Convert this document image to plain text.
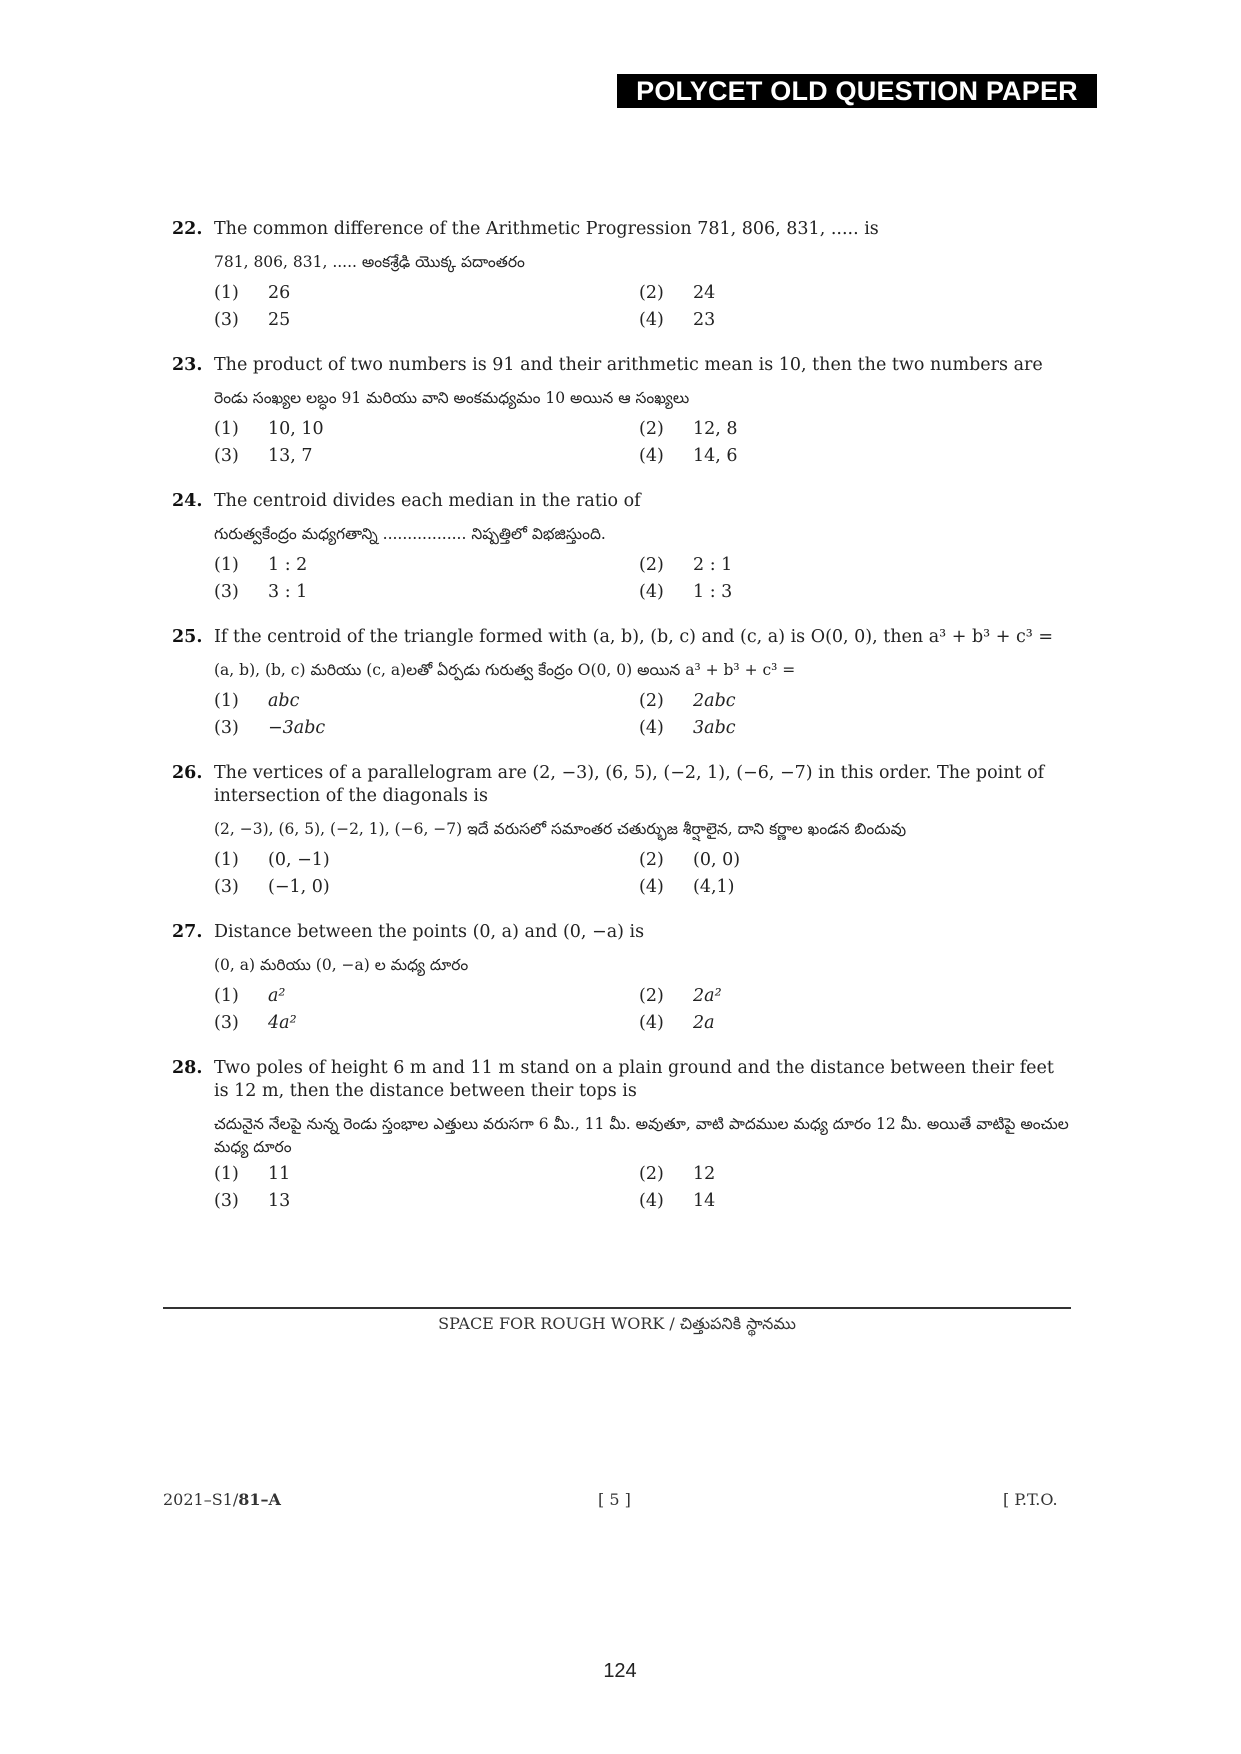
POLYCET OLD QUESTION PAPER
22. The common difference of the Arithmetic Progression 781, 806, 831, ..... is
781, 806, 831, ..... అంకశ్రేఢి యొక్క పదాంతరం
(1)	26	(2)	24
(3)	25	(4)	23
23. The product of two numbers is 91 and their arithmetic mean is 10, then the two numbers are
రెండు సంఖ్యల లబ్ధం 91 మరియు వాని అంకమధ్యమం 10 అయిన ఆ సంఖ్యలు
(1)	10, 10	(2)	12, 8
(3)	13, 7	(4)	14, 6
24. The centroid divides each median in the ratio of
గురుత్వకేంద్రం మధ్యగతాన్ని ................. నిష్పత్తిలో విభజిస్తుంది.
(1)	1 : 2	(2)	2 : 1
(3)	3 : 1	(4)	1 : 3
25. If the centroid of the triangle formed with (a, b), (b, c) and (c, a) is O(0, 0), then a³ + b³ + c³ =
(a, b), (b, c) మరియు (c, a)లతో ఏర్పడు గురుత్వ కేంద్రం O(0, 0) అయిన a³ + b³ + c³ =
(1)	abc	(2)	2abc
(3)	−3abc	(4)	3abc
26. The vertices of a parallelogram are (2, −3), (6, 5), (−2, 1), (−6, −7) in this order. The point of intersection of the diagonals is
(2, −3), (6, 5), (−2, 1), (−6, −7) ఇదే వరుసలో సమాంతర చతుర్భుజ శీర్షాలైన, దాని కర్ణాల ఖండన బిందువు
(1)	(0, −1)	(2)	(0, 0)
(3)	(−1, 0)	(4)	(4,1)
27. Distance between the points (0, a) and (0, −a) is
(0, a) మరియు (0, −a) ల మధ్య దూరం
(1)	a²	(2)	2a²
(3)	4a²	(4)	2a
28. Two poles of height 6 m and 11 m stand on a plain ground and the distance between their feet is 12 m, then the distance between their tops is
చదునైన నేలపై నున్న రెండు స్తంభాల ఎత్తులు వరుసగా 6 మీ., 11 మీ. అవుతూ, వాటి పాదముల మధ్య దూరం 12 మీ. అయితే వాటిపై అంచుల మధ్య దూరం
(1)	11	(2)	12
(3)	13	(4)	14
SPACE FOR ROUGH WORK / చిత్తుపనికి స్థానము
2021–S1/81–A	[ 5 ]	[ P.T.O.
124
